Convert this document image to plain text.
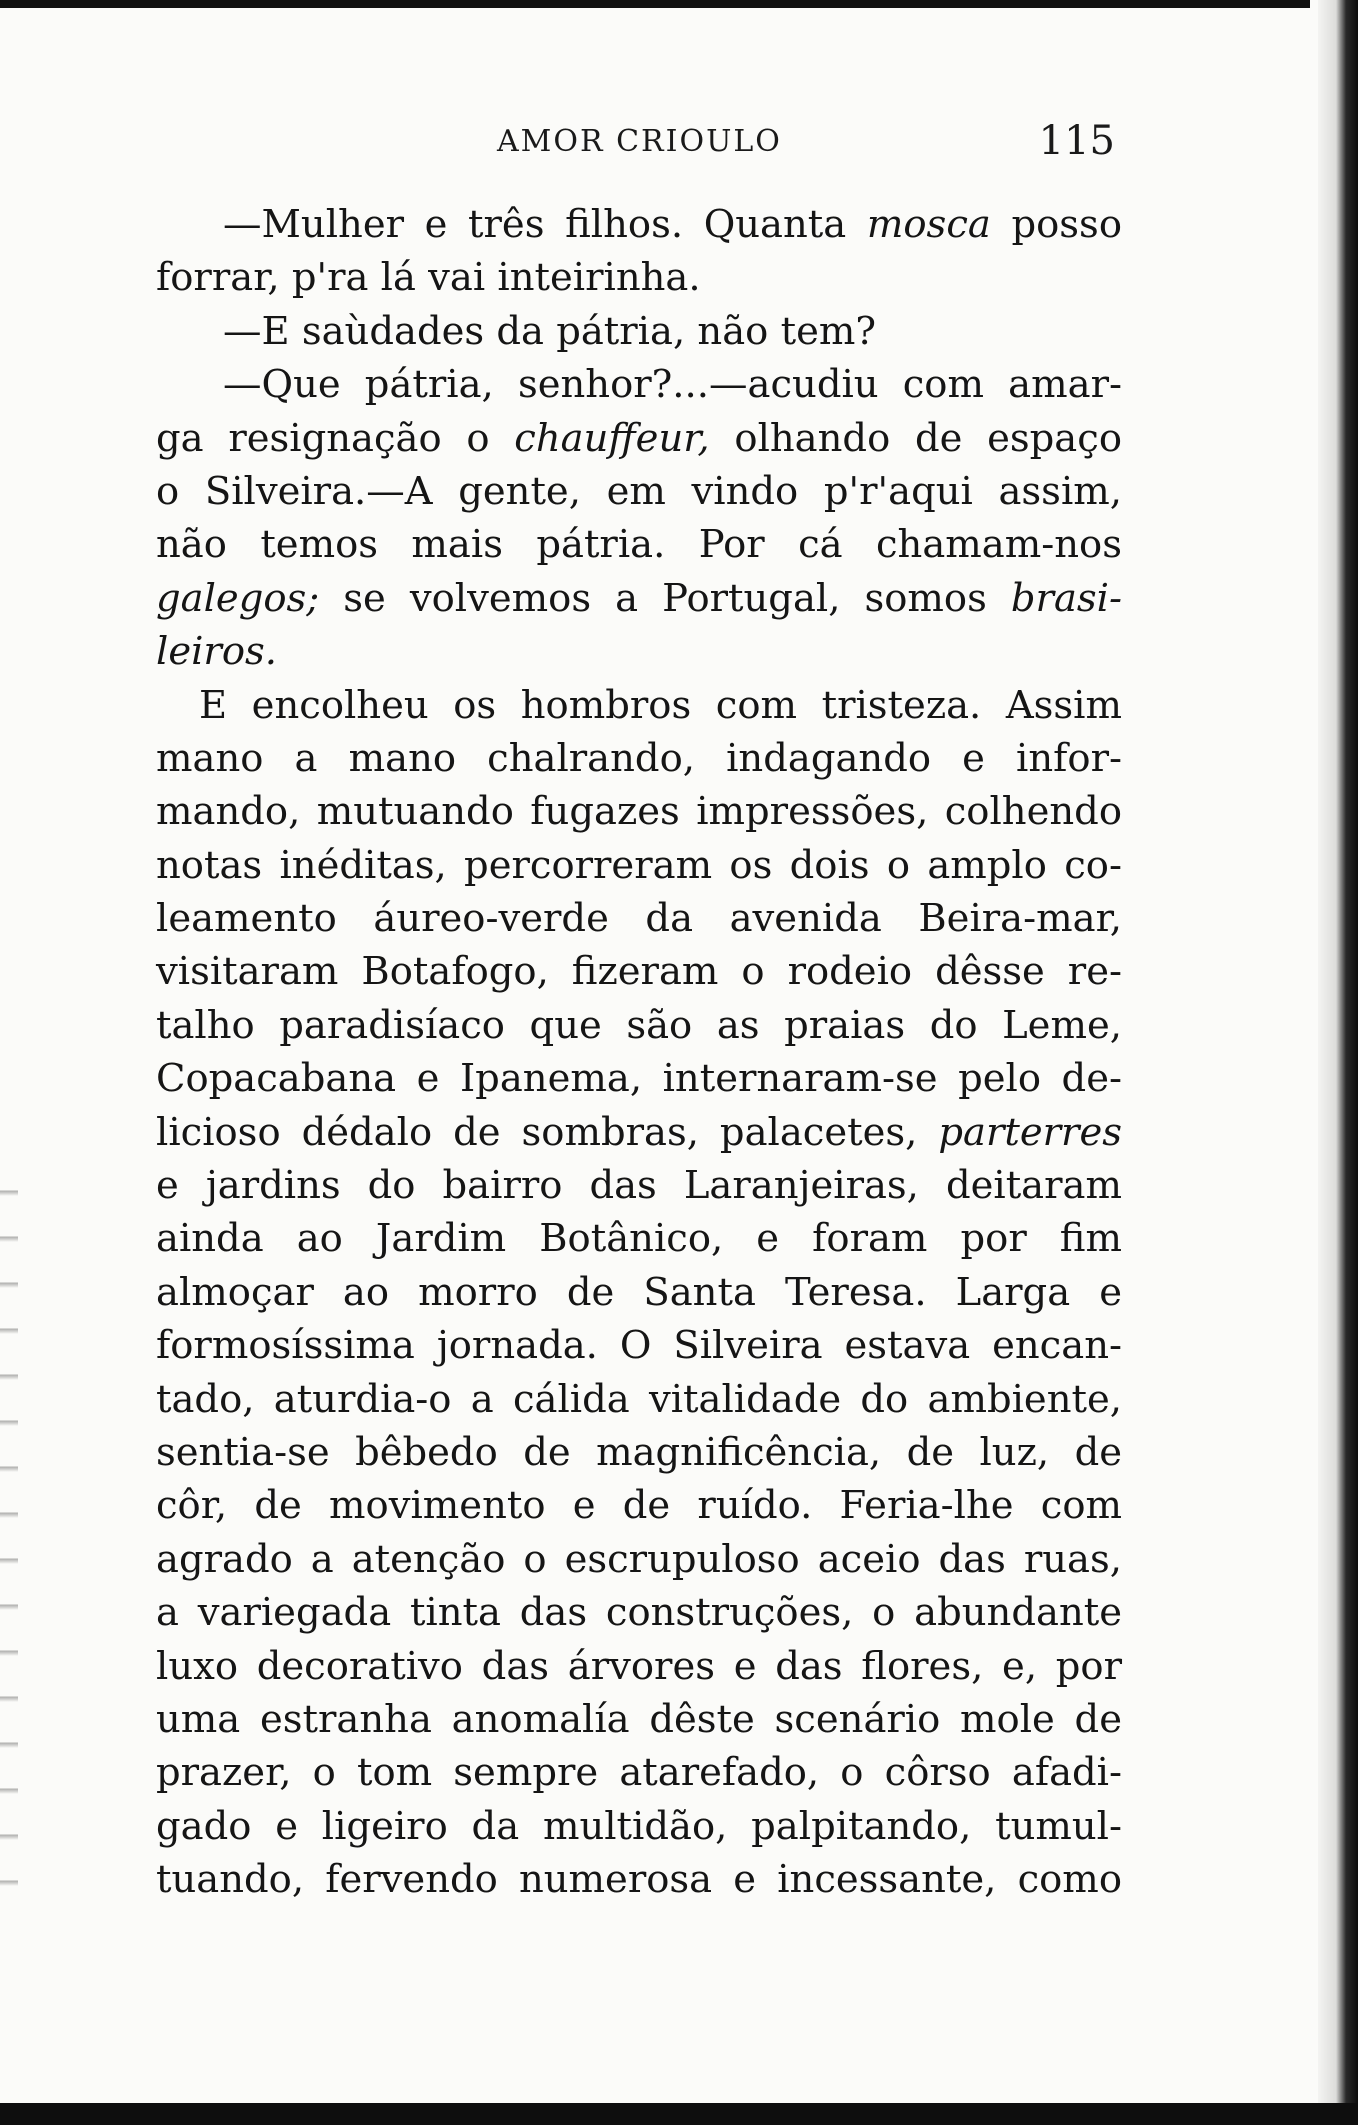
AMOR CRIOULO	115
—Mulher e três filhos. Quanta mosca posso
forrar, p'ra lá vai inteirinha.
—E saùdades da pátria, não tem?
—Que pátria, senhor?...—acudiu com amar-
ga resignação o chauffeur, olhando de espaço
o Silveira.—A gente, em vindo p'r'aqui assim,
não temos mais pátria. Por cá chamam-nos
galegos; se volvemos a Portugal, somos brasi-
leiros.
E encolheu os hombros com tristeza. Assim
mano a mano chalrando, indagando e infor-
mando, mutuando fugazes impressões, colhendo
notas inéditas, percorreram os dois o amplo co-
leamento áureo-verde da avenida Beira-mar,
visitaram Botafogo, fizeram o rodeio dêsse re-
talho paradisíaco que são as praias do Leme,
Copacabana e Ipanema, internaram-se pelo de-
licioso dédalo de sombras, palacetes, parterres
e jardins do bairro das Laranjeiras, deitaram
ainda ao Jardim Botânico, e foram por fim
almoçar ao morro de Santa Teresa. Larga e
formosíssima jornada. O Silveira estava encan-
tado, aturdia-o a cálida vitalidade do ambiente,
sentia-se bêbedo de magnificência, de luz, de
côr, de movimento e de ruído. Feria-lhe com
agrado a atenção o escrupuloso aceio das ruas,
a variegada tinta das construções, o abundante
luxo decorativo das árvores e das flores, e, por
uma estranha anomalía dêste scenário mole de
prazer, o tom sempre atarefado, o côrso afadi-
gado e ligeiro da multidão, palpitando, tumul-
tuando, fervendo numerosa e incessante, como
